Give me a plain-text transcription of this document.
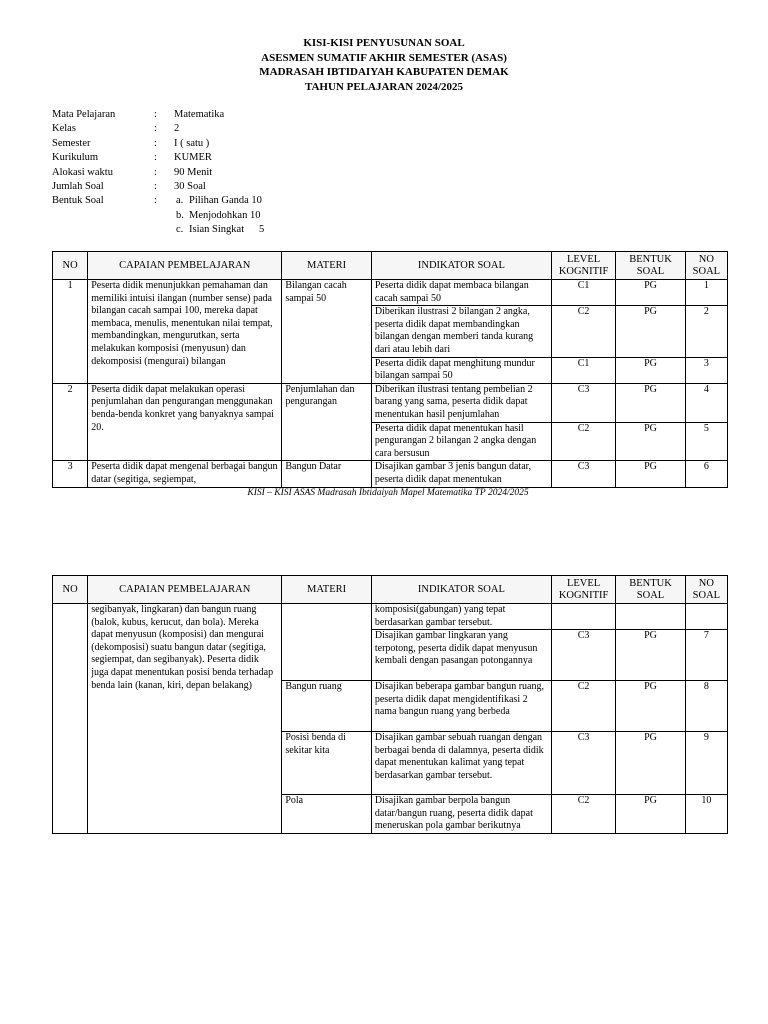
KISI-KISI PENYUSUNAN SOAL
ASESMEN SUMATIF AKHIR SEMESTER (ASAS)
MADRASAH IBTIDAIYAH KABUPATEN DEMAK
TAHUN PELAJARAN 2024/2025
Mata Pelajaran	: Matematika
Kelas	: 2
Semester	: I ( satu )
Kurikulum	: KUMER
Alokasi waktu	: 90 Menit
Jumlah Soal	: 30 Soal
Bentuk Soal	: a. Pilihan Ganda 10
b. Menjodohkan 10
c. Isian Singkat 5
NO	CAPAIAN PEMBELAJARAN	MATERI	INDIKATOR SOAL	LEVEL KOGNITIF	BENTUK SOAL	NO SOAL
1	Peserta didik menunjukkan pemahaman dan memiliki intuisi ilangan (number sense) pada bilangan cacah sampai 100, mereka dapat membaca, menulis, menentukan nilai tempat, membandingkan, mengurutkan, serta melakukan komposisi (menyusun) dan dekomposisi (mengurai) bilangan	Bilangan cacah sampai 50	Peserta didik dapat membaca bilangan cacah sampai 50	C1	PG	1
			Diberikan ilustrasi 2 bilangan 2 angka, peserta didik dapat membandingkan bilangan dengan memberi tanda kurang dari atau lebih dari	C2	PG	2
			Peserta didik dapat menghitung mundur bilangan sampai 50	C1	PG	3
2	Peserta didik dapat melakukan operasi penjumlahan dan pengurangan menggunakan benda-benda konkret yang banyaknya sampai 20.	Penjumlahan dan pengurangan	Diberikan ilustrasi tentang pembelian 2 barang yang sama, peserta didik dapat menentukan hasil penjumlahan	C3	PG	4
			Peserta didik dapat menentukan hasil pengurangan 2 bilangan 2 angka dengan cara bersusun	C2	PG	5
3	Peserta didik dapat mengenal berbagai bangun datar (segitiga, segiempat,	Bangun Datar	Disajikan gambar 3 jenis bangun datar, peserta didik dapat menentukan	C3	PG	6
KISI – KISI ASAS Madrasah Ibtidaiyah Mapel Matematika TP 2024/2025
NO	CAPAIAN PEMBELAJARAN	MATERI	INDIKATOR SOAL	LEVEL KOGNITIF	BENTUK SOAL	NO SOAL
	segibanyak, lingkaran) dan bangun ruang (balok, kubus, kerucut, dan bola). Mereka dapat menyusun (komposisi) dan mengurai (dekomposisi) suatu bangun datar (segitiga, segiempat, dan segibanyak). Peserta didik juga dapat menentukan posisi benda terhadap benda lain (kanan, kiri, depan belakang)		komposisi(gabungan) yang tepat berdasarkan gambar tersebut.			
			Disajikan gambar lingkaran yang terpotong, peserta didik dapat menyusun kembali dengan pasangan potongannya	C3	PG	7
		Bangun ruang	Disajikan beberapa gambar bangun ruang, peserta didik dapat mengidentifikasi 2 nama bangun ruang yang berbeda	C2	PG	8
		Posisi benda di sekitar kita	Disajikan gambar sebuah ruangan dengan berbagai benda di dalamnya, peserta didik dapat menentukan kalimat yang tepat berdasarkan gambar tersebut.	C3	PG	9
		Pola	Disajikan gambar berpola bangun datar/bangun ruang, peserta didik dapat meneruskan pola gambar berikutnya	C2	PG	10
